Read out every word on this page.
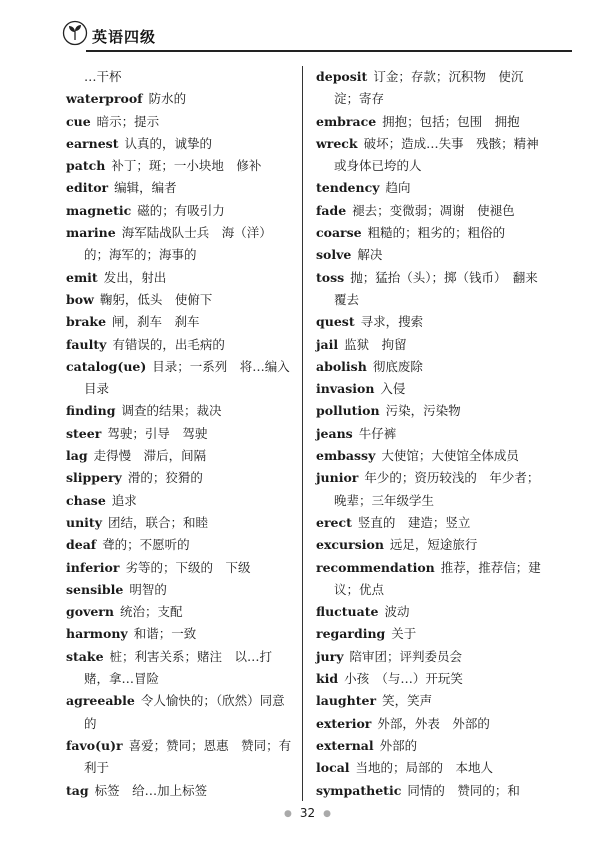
英语四级
…干杯
waterproof 防水的
cue 暗示；提示
earnest 认真的，诚挚的
patch 补丁；斑；一小块地　修补
editor 编辑，编者
magnetic 磁的；有吸引力
marine 海军陆战队士兵　海（洋）的；海军的；海事的
emit 发出，射出
bow 鞠躬，低头　使俯下
brake 闸，刹车　刹车
faulty 有错误的，出毛病的
catalog(ue) 目录；一系列　将…编入目录
finding 调查的结果；裁决
steer 驾驶；引导　驾驶
lag 走得慢　滞后，间隔
slippery 滑的；狡猾的
chase 追求
unity 团结，联合；和睦
deaf 聋的；不愿听的
inferior 劣等的；下级的　下级
sensible 明智的
govern 统治；支配
harmony 和谐；一致
stake 桩；利害关系；赌注　以…打赌，拿…冒险
agreeable 令人愉快的；（欣然）同意的
favo(u)r 喜爱；赞同；恩惠　赞同；有利于
tag 标签　给…加上标签
deposit 订金；存款；沉积物　使沉淀；寄存
embrace 拥抱；包括；包围　拥抱
wreck 破坏；造成…失事　残骸；精神或身体已垮的人
tendency 趋向
fade 褪去；变微弱；凋谢　使褪色
coarse 粗糙的；粗劣的；粗俗的
solve 解决
toss 抛；猛抬（头）；掷（钱币）　翻来覆去
quest 寻求，搜索
jail 监狱　拘留
abolish 彻底废除
invasion 入侵
pollution 污染，污染物
jeans 牛仔裤
embassy 大使馆；大使馆全体成员
junior 年少的；资历较浅的　年少者；晚辈；三年级学生
erect 竖直的　建造；竖立
excursion 远足，短途旅行
recommendation 推荐，推荐信；建议；优点
fluctuate 波动
regarding 关于
jury 陪审团；评判委员会
kid 小孩　（与…）开玩笑
laughter 笑，笑声
exterior 外部，外表　外部的
external 外部的
local 当地的；局部的　本地人
sympathetic 同情的　赞同的；和
● 32 ●
